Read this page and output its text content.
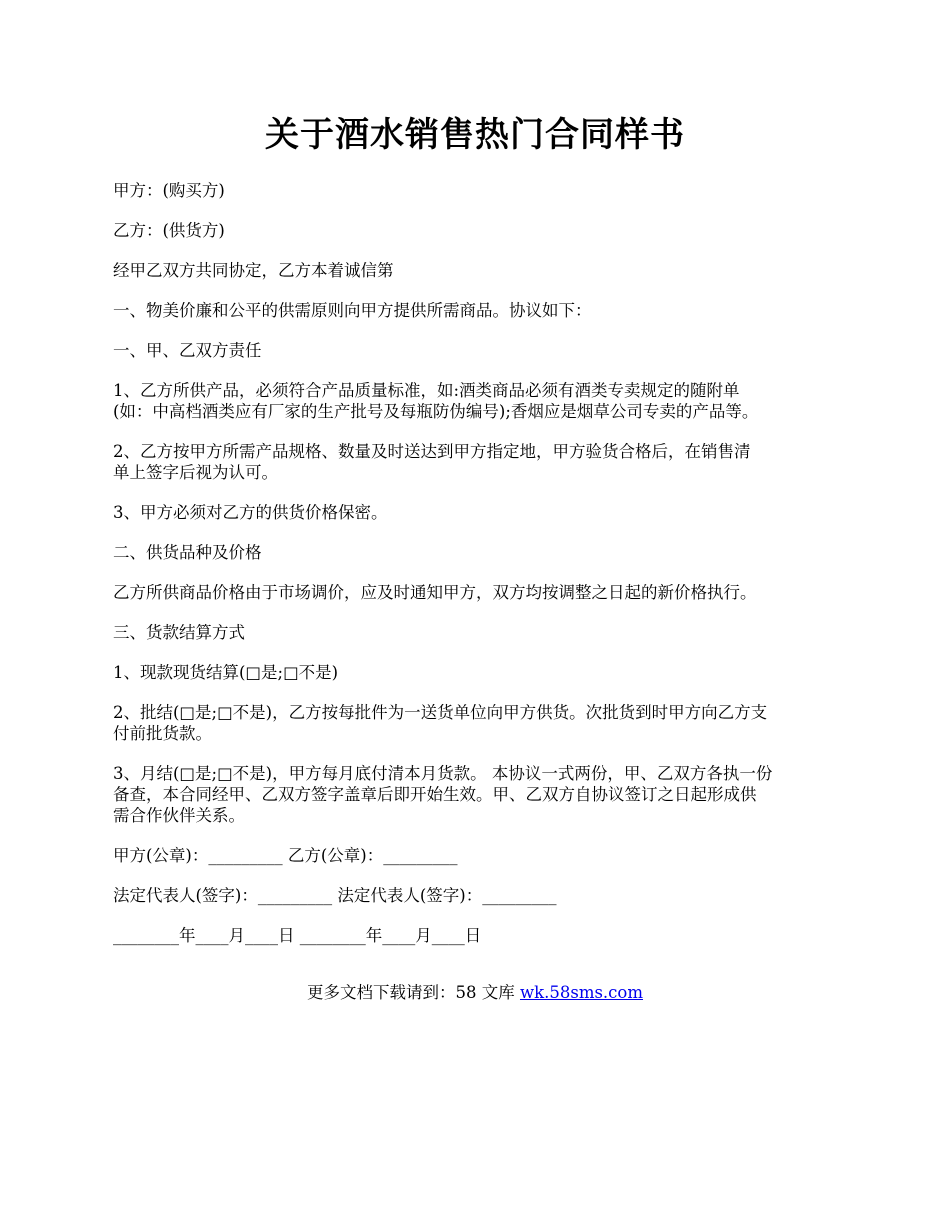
关于酒水销售热门合同样书

甲方：(购买方)

乙方：(供货方)

经甲乙双方共同协定，乙方本着诚信第

一、物美价廉和公平的供需原则向甲方提供所需商品。协议如下：

一、甲、乙双方责任

1、乙方所供产品，必须符合产品质量标准，如:酒类商品必须有酒类专卖规定的随附单
(如：中高档酒类应有厂家的生产批号及每瓶防伪编号);香烟应是烟草公司专卖的产品等。

2、乙方按甲方所需产品规格、数量及时送达到甲方指定地，甲方验货合格后，在销售清
单上签字后视为认可。

3、甲方必须对乙方的供货价格保密。

二、供货品种及价格

乙方所供商品价格由于市场调价，应及时通知甲方，双方均按调整之日起的新价格执行。

三、货款结算方式

1、现款现货结算(□是;□不是)

2、批结(□是;□不是)，乙方按每批件为一送货单位向甲方供货。次批货到时甲方向乙方支
付前批货款。

3、月结(□是;□不是)，甲方每月底付清本月货款。 本协议一式两份，甲、乙双方各执一份
备查，本合同经甲、乙双方签字盖章后即开始生效。甲、乙双方自协议签订之日起形成供
需合作伙伴关系。

甲方(公章)：_________ 乙方(公章)：_________

法定代表人(签字)：_________ 法定代表人(签字)：_________

________年____月____日 ________年____月____日

更多文档下载请到：58 文库 wk.58sms.com
